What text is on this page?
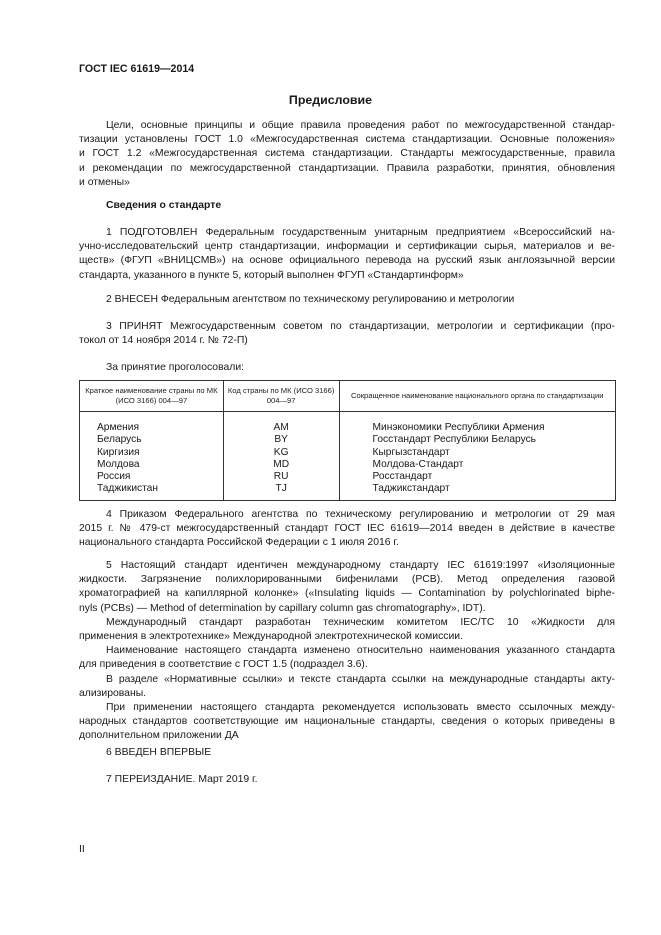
ГОСТ IEC 61619—2014
Предисловие
Цели, основные принципы и общие правила проведения работ по межгосударственной стандар-
тизации установлены ГОСТ 1.0 «Межгосударственная система стандартизации. Основные положения»
и ГОСТ 1.2 «Межгосударственная система стандартизации. Стандарты межгосударственные, правила
и рекомендации по межгосударственной стандартизации. Правила разработки, принятия, обновления
и отмены»
Сведения о стандарте
1 ПОДГОТОВЛЕН Федеральным государственным унитарным предприятием «Всероссийский на-
учно-исследовательский центр стандартизации, информации и сертификации сырья, материалов и ве-
ществ» (ФГУП «ВНИЦСМВ») на основе официального перевода на русский язык англоязычной версии
стандарта, указанного в пункте 5, который выполнен ФГУП «Стандартинформ»
2 ВНЕСЕН Федеральным агентством по техническому регулированию и метрологии
3 ПРИНЯТ Межгосударственным советом по стандартизации, метрологии и сертификации (про-
токол от 14 ноября 2014 г. № 72-П)
За принятие проголосовали:
Краткое наименование страны по МК (ИСО 3166) 004—97	Код страны по МК (ИСО 3166) 004—97	Сокращенное наименование национального органа по стандартизации
Армения	AM	Минэкономики Республики Армения
Беларусь	BY	Госстандарт Республики Беларусь
Киргизия	KG	Кыргызстандарт
Молдова	MD	Молдова-Стандарт
Россия	RU	Росстандарт
Таджикистан	TJ	Таджикстандарт
4 Приказом Федерального агентства по техническому регулированию и метрологии от 29 мая
2015 г. № 479-ст межгосударственный стандарт ГОСТ IEC 61619—2014 введен в действие в качестве
национального стандарта Российской Федерации с 1 июля 2016 г.
5 Настоящий стандарт идентичен международному стандарту IEC 61619:1997 «Изоляционные
жидкости. Загрязнение полихлорированными бифенилами (PCB). Метод определения газовой
хроматографией на капиллярной колонке» («Insulating liquids — Contamination by polychlorinated biphe-
nyls (PCBs) — Method of determination by capillary column gas chromatography», IDT).
Международный стандарт разработан техническим комитетом IEC/TC 10 «Жидкости для
применения в электротехнике» Международной электротехнической комиссии.
Наименование настоящего стандарта изменено относительно наименования указанного стандарта
для приведения в соответствие с ГОСТ 1.5 (подраздел 3.6).
В разделе «Нормативные ссылки» и тексте стандарта ссылки на международные стандарты акту-
ализированы.
При применении настоящего стандарта рекомендуется использовать вместо ссылочных между-
народных стандартов соответствующие им национальные стандарты, сведения о которых приведены в
дополнительном приложении ДА
6 ВВЕДЕН ВПЕРВЫЕ
7 ПЕРЕИЗДАНИЕ. Март 2019 г.
II
